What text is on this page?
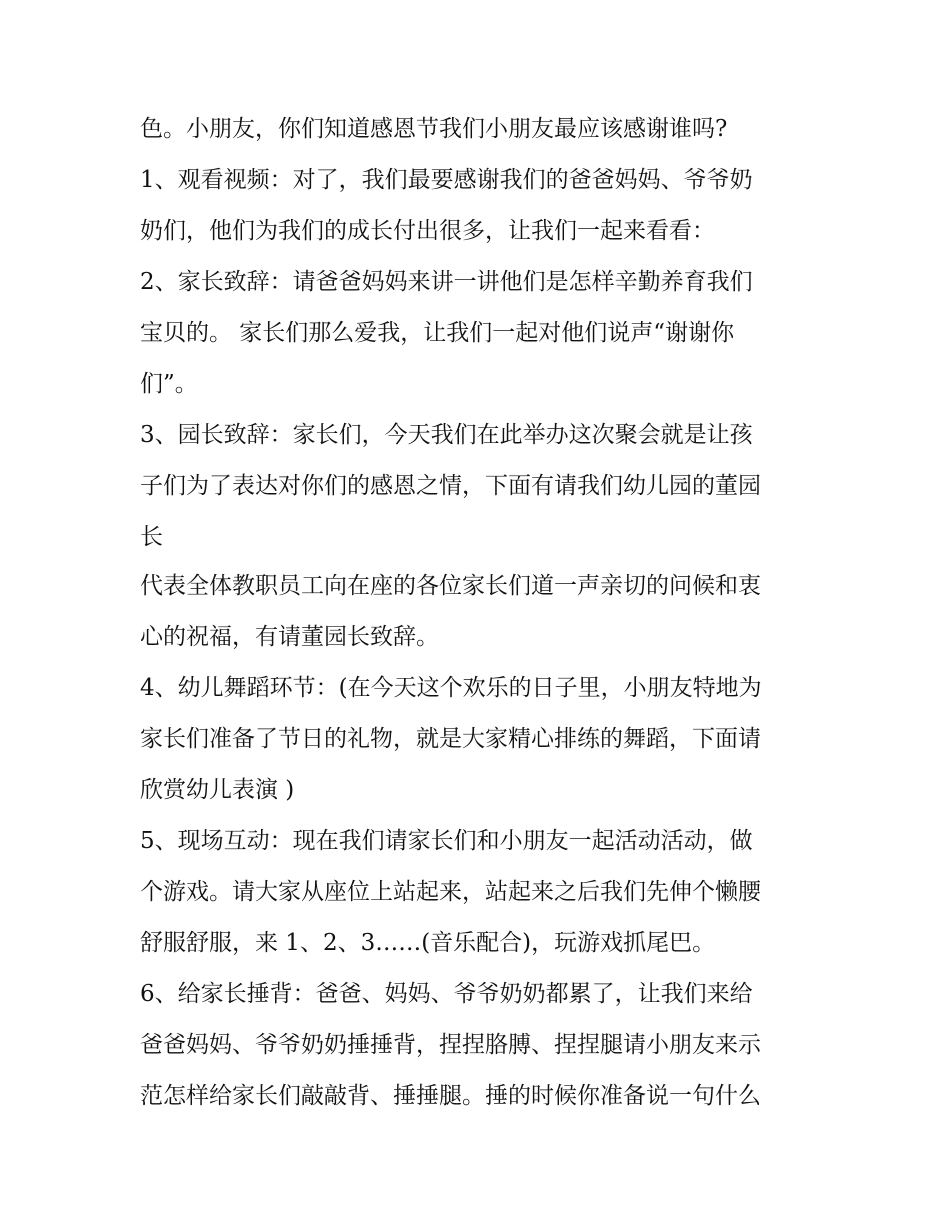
色。小朋友，你们知道感恩节我们小朋友最应该感谢谁吗?

1、观看视频：对了，我们最要感谢我们的爸爸妈妈、爷爷奶

奶们，他们为我们的成长付出很多，让我们一起来看看：

2、家长致辞：请爸爸妈妈来讲一讲他们是怎样辛勤养育我们

宝贝的。 家长们那么爱我，让我们一起对他们说声“谢谢你

们”。

3、园长致辞：家长们，今天我们在此举办这次聚会就是让孩

子们为了表达对你们的感恩之情，下面有请我们幼儿园的董园

长

代表全体教职员工向在座的各位家长们道一声亲切的问候和衷

心的祝福，有请董园长致辞。

4、幼儿舞蹈环节：(在今天这个欢乐的日子里，小朋友特地为

家长们准备了节日的礼物，就是大家精心排练的舞蹈，下面请

欣赏幼儿表演 )

5、现场互动：现在我们请家长们和小朋友一起活动活动，做

个游戏。请大家从座位上站起来，站起来之后我们先伸个懒腰

舒服舒服，来 1、2、3……(音乐配合)，玩游戏抓尾巴。

6、给家长捶背：爸爸、妈妈、爷爷奶奶都累了，让我们来给

爸爸妈妈、爷爷奶奶捶捶背，捏捏胳膊、捏捏腿请小朋友来示

范怎样给家长们敲敲背、捶捶腿。捶的时候你准备说一句什么
